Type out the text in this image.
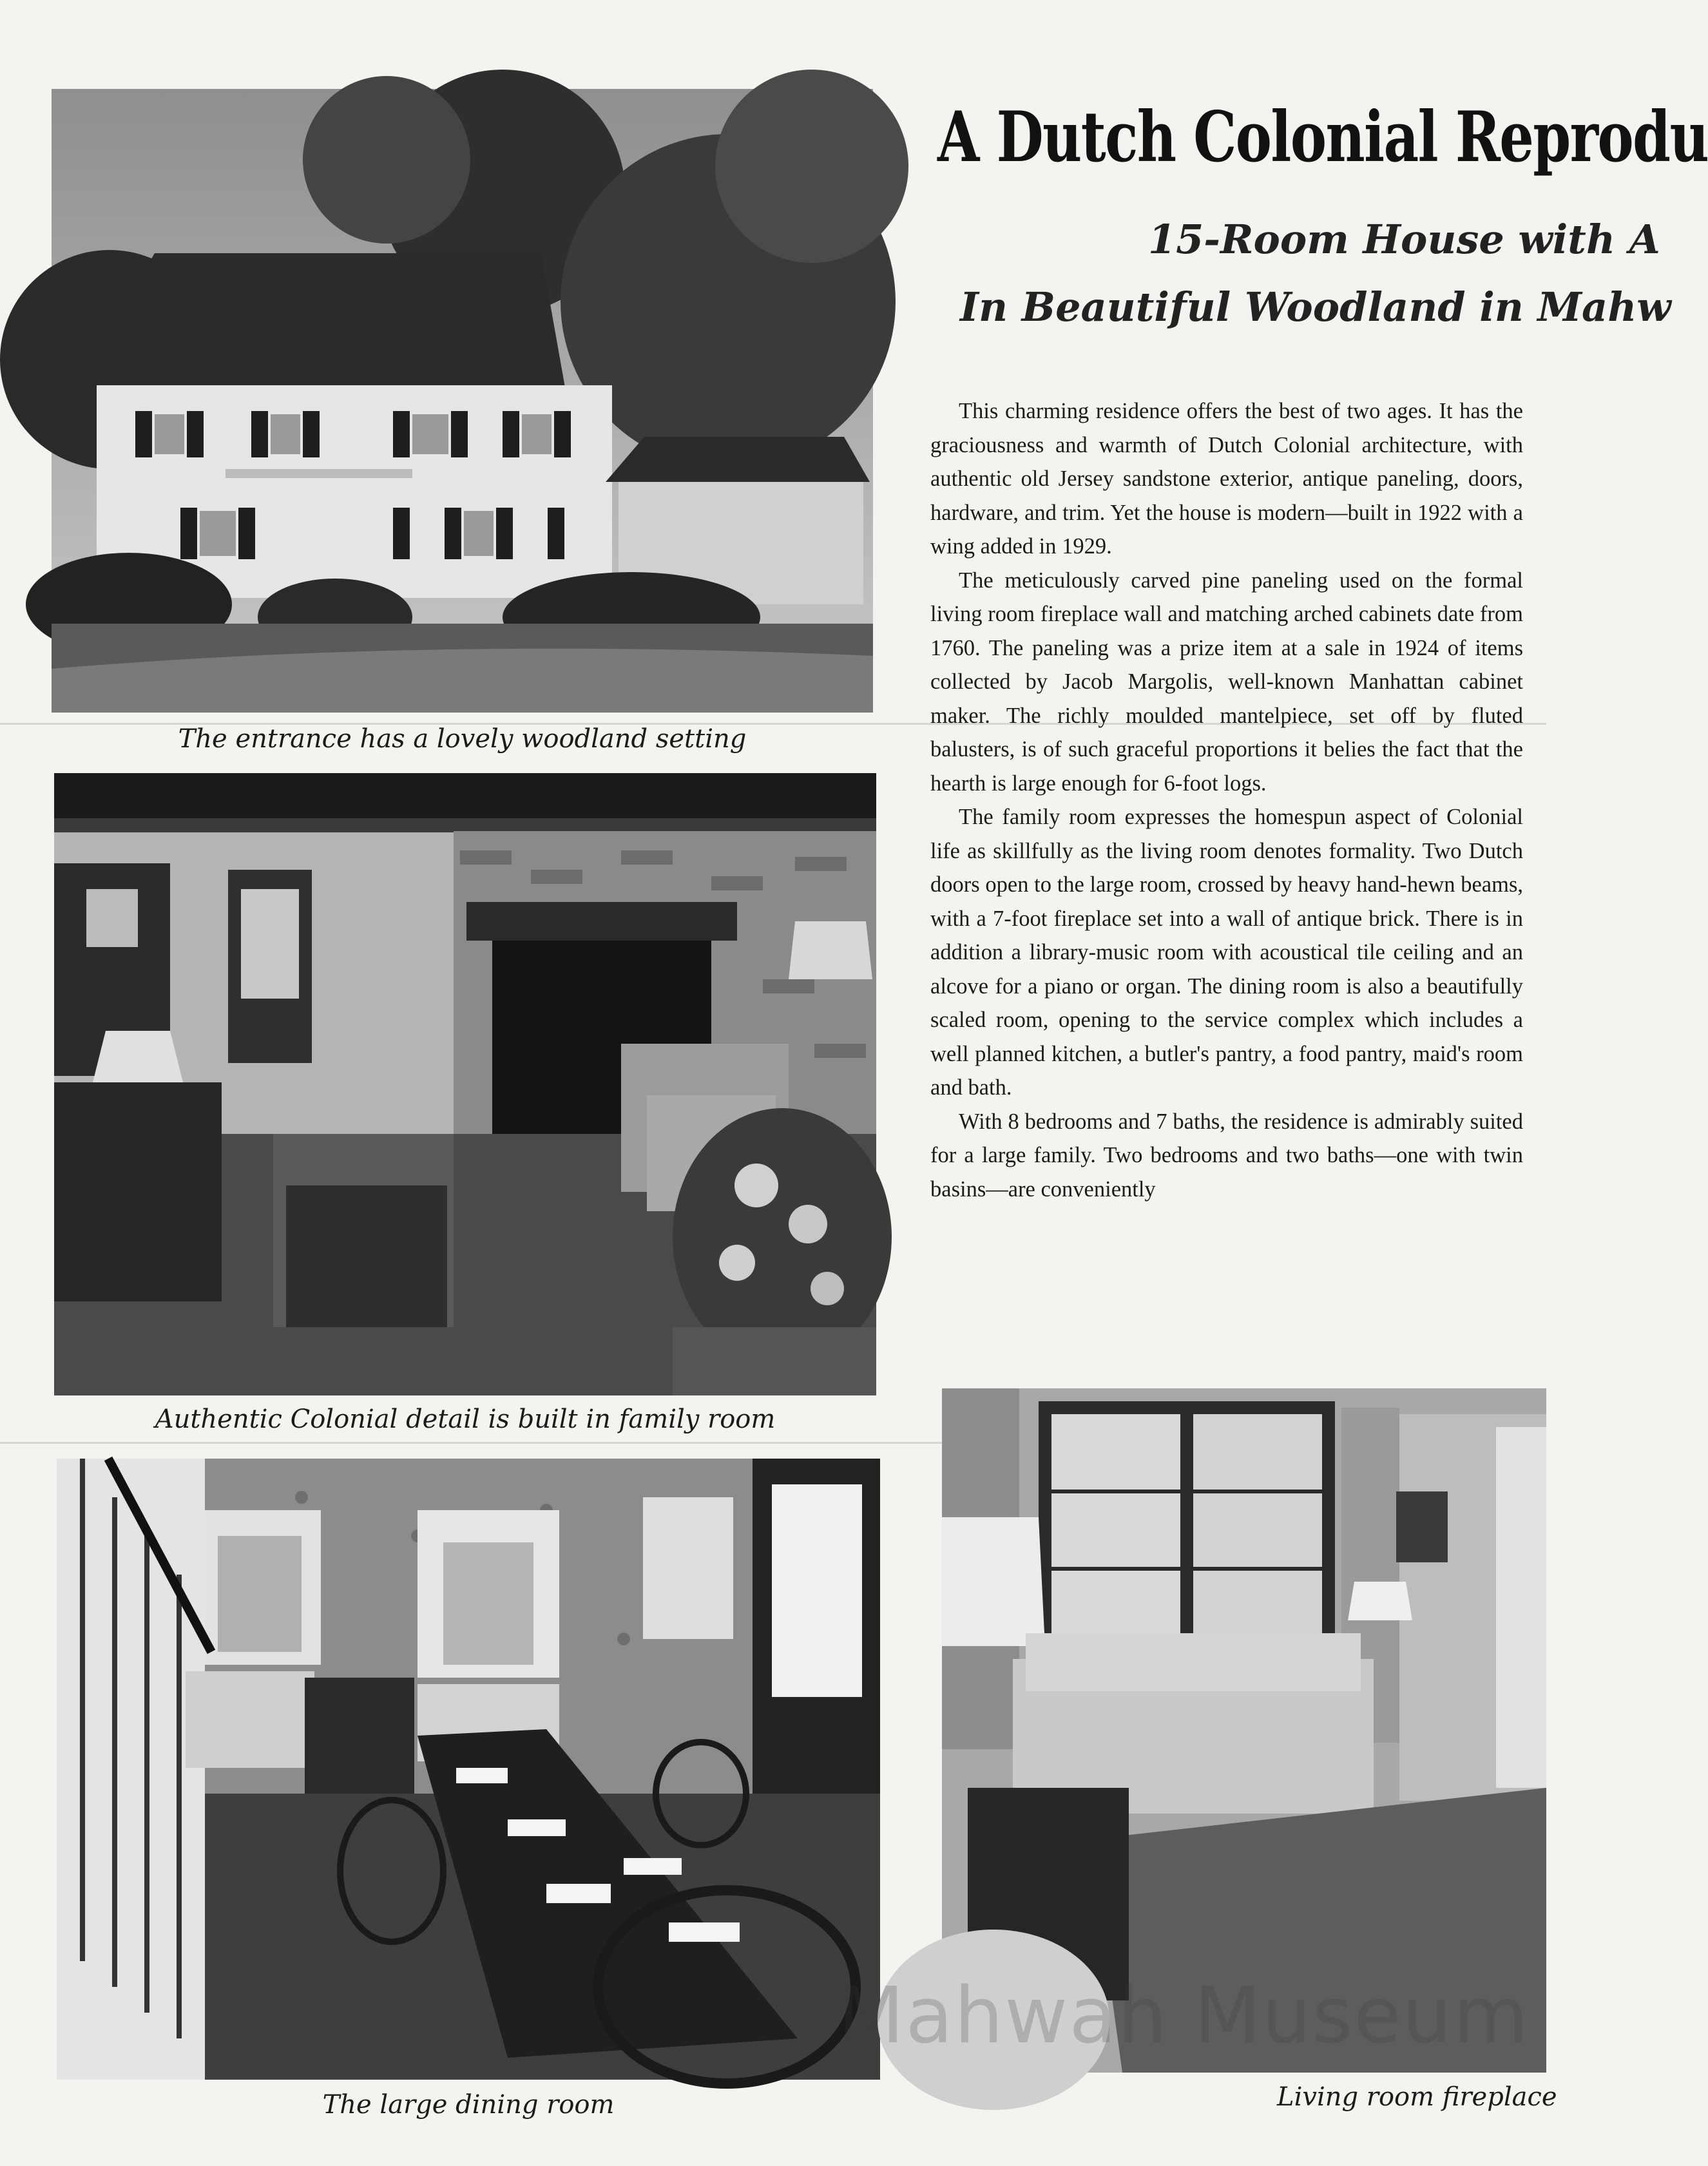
The entrance has a lovely woodland setting
Authentic Colonial detail is built in family room
The large dining room	Living room fireplace
A Dutch Colonial Reprodu
15-Room House with A
In Beautiful Woodland in Mahw

This charming residence offers the best of two ages. It has the graciousness and warmth of Dutch Colonial architecture, with authentic old Jersey sandstone exterior, antique paneling, doors, hardware, and trim. Yet the house is modern—built in 1922 with a wing added in 1929.

The meticulously carved pine paneling used on the formal living room fireplace wall and matching arched cabinets date from 1760. The paneling was a prize item at a sale in 1924 of items collected by Jacob Margolis, well-known Manhattan cabinet maker. The richly moulded mantelpiece, set off by fluted balusters, is of such graceful proportions it belies the fact that the hearth is large enough for 6-foot logs.

The family room expresses the homespun aspect of Colonial life as skillfully as the living room denotes formality. Two Dutch doors open to the large room, crossed by heavy hand-hewn beams, with a 7-foot fireplace set into a wall of antique brick. There is in addition a library-music room with acoustical tile ceiling and an alcove for a piano or organ. The dining room is also a beautifully scaled room, opening to the service complex which includes a well planned kitchen, a butler's pantry, a food pantry, maid's room and bath.

With 8 bedrooms and 7 baths, the residence is admirably suited for a large family. Two bedrooms and two baths—one with twin basins—are conveniently

Mahwah Museum
